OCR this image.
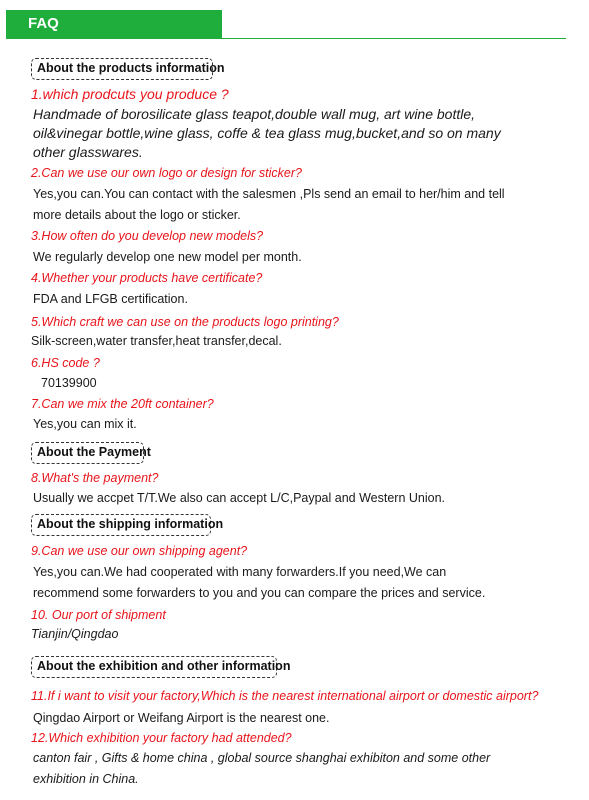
FAQ
About the products information
1.which prodcuts you produce ?
Handmade of borosilicate glass teapot,double wall mug, art wine bottle,
oil&vinegar bottle,wine glass, coffe & tea glass mug,bucket,and so on many
other glasswares.
2.Can we use our own logo or design for sticker?
Yes,you can.You can contact with the salesmen ,Pls send an email to her/him and tell
more details about the logo or sticker.
3.How often do you develop new models?
We regularly develop one new model per month.
4.Whether your products have certificate?
FDA and LFGB certification.
5.Which craft we can use on the products logo printing?
Silk-screen,water transfer,heat transfer,decal.
6.HS code ?
70139900
7.Can we mix the 20ft container?
Yes,you can mix it.
About the Payment
8.What's the payment?
Usually we accpet T/T.We also can accept L/C,Paypal and Western Union.
About the shipping information
9.Can we use our own shipping agent?
Yes,you can.We had cooperated with many forwarders.If you need,We can
recommend some forwarders to you and you can compare the prices and service.
10. Our port of shipment
Tianjin/Qingdao
About the exhibition and other information
11.If i want to visit your factory,Which is the nearest international airport or domestic airport?
Qingdao Airport or Weifang Airport is the nearest one.
12.Which exhibition your factory had attended?
canton fair , Gifts & home china , global source shanghai exhibiton and some other
exhibition in China.
